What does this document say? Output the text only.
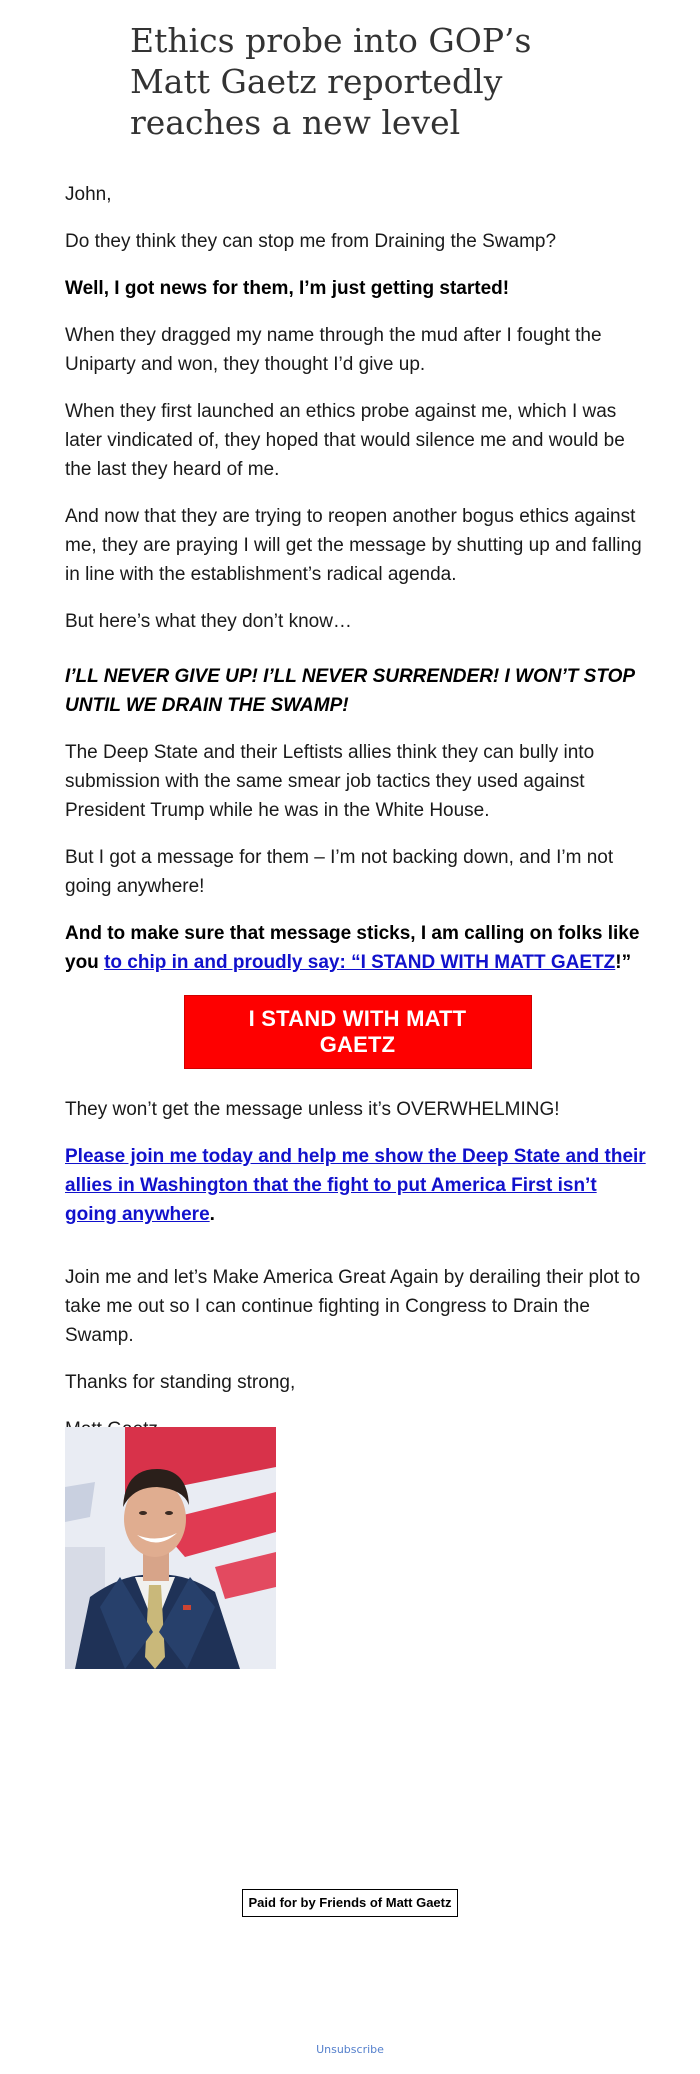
Ethics probe into GOP’s Matt Gaetz reportedly reaches a new level

John,

Do they think they can stop me from Draining the Swamp?

Well, I got news for them, I’m just getting started!

When they dragged my name through the mud after I fought the Uniparty and won, they thought I’d give up.

When they first launched an ethics probe against me, which I was later vindicated of, they hoped that would silence me and would be the last they heard of me.

And now that they are trying to reopen another bogus ethics against me, they are praying I will get the message by shutting up and falling in line with the establishment’s radical agenda.

But here’s what they don’t know…

I’LL NEVER GIVE UP! I’LL NEVER SURRENDER! I WON’T STOP UNTIL WE DRAIN THE SWAMP!

The Deep State and their Leftists allies think they can bully into submission with the same smear job tactics they used against President Trump while he was in the White House.

But I got a message for them – I’m not backing down, and I’m not going anywhere!

And to make sure that message sticks, I am calling on folks like you to chip in and proudly say: “I STAND WITH MATT GAETZ!”

I STAND WITH MATT GAETZ

They won’t get the message unless it’s OVERWHELMING!

Please join me today and help me show the Deep State and their allies in Washington that the fight to put America First isn’t going anywhere.

Join me and let’s Make America Great Again by derailing their plot to take me out so I can continue fighting in Congress to Drain the Swamp.

Thanks for standing strong,

Paid for by Friends of Matt Gaetz
Unsubscribe
